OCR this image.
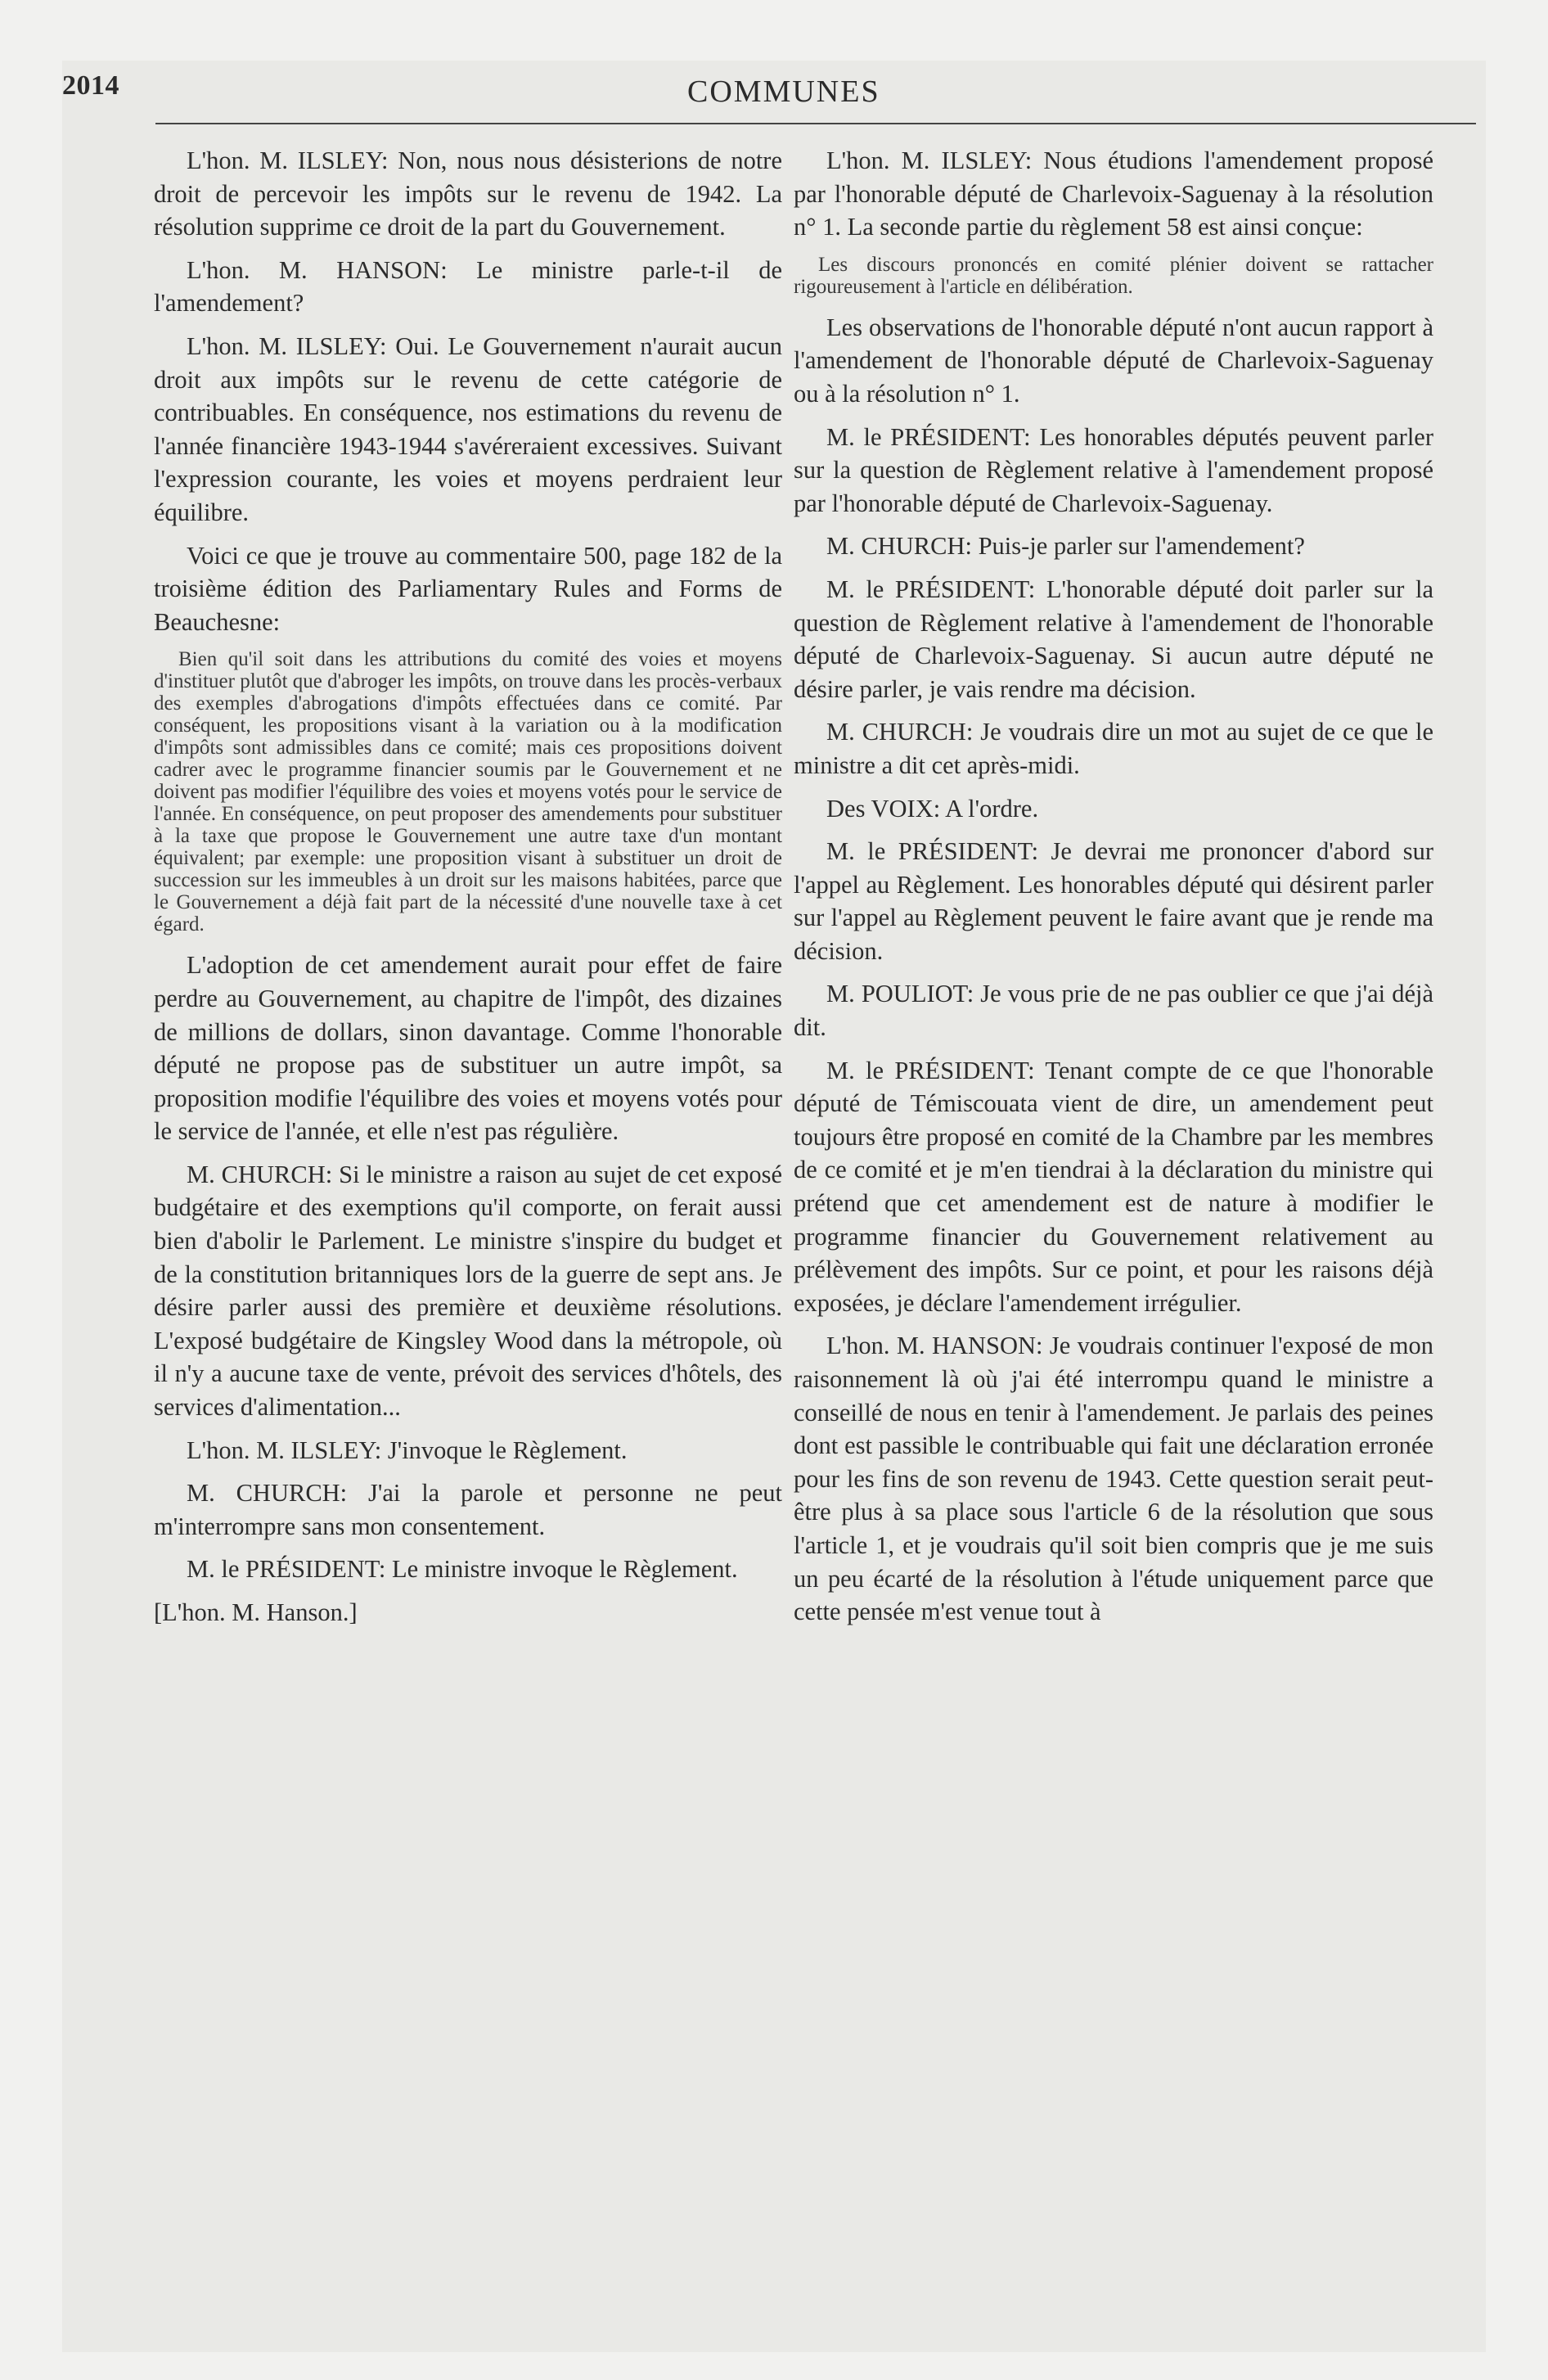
2014	COMMUNES

L'hon. M. ILSLEY: Non, nous nous désisterions de notre droit de percevoir les impôts sur le revenu de 1942. La résolution supprime ce droit de la part du Gouvernement.

L'hon. M. HANSON: Le ministre parle-t-il de l'amendement?

L'hon. M. ILSLEY: Oui. Le Gouvernement n'aurait aucun droit aux impôts sur le revenu de cette catégorie de contribuables. En conséquence, nos estimations du revenu de l'année financière 1943-1944 s'avéreraient excessives. Suivant l'expression courante, les voies et moyens perdraient leur équilibre.

Voici ce que je trouve au commentaire 500, page 182 de la troisième édition des Parliamentary Rules and Forms de Beauchesne:

Bien qu'il soit dans les attributions du comité des voies et moyens d'instituer plutôt que d'abroger les impôts, on trouve dans les procès-verbaux des exemples d'abrogations d'impôts effectuées dans ce comité. Par conséquent, les propositions visant à la variation ou à la modification d'impôts sont admissibles dans ce comité; mais ces propositions doivent cadrer avec le programme financier soumis par le Gouvernement et ne doivent pas modifier l'équilibre des voies et moyens votés pour le service de l'année. En conséquence, on peut proposer des amendements pour substituer à la taxe que propose le Gouvernement une autre taxe d'un montant équivalent; par exemple: une proposition visant à substituer un droit de succession sur les immeubles à un droit sur les maisons habitées, parce que le Gouvernement a déjà fait part de la nécessité d'une nouvelle taxe à cet égard.

L'adoption de cet amendement aurait pour effet de faire perdre au Gouvernement, au chapitre de l'impôt, des dizaines de millions de dollars, sinon davantage. Comme l'honorable député ne propose pas de substituer un autre impôt, sa proposition modifie l'équilibre des voies et moyens votés pour le service de l'année, et elle n'est pas régulière.

M. CHURCH: Si le ministre a raison au sujet de cet exposé budgétaire et des exemptions qu'il comporte, on ferait aussi bien d'abolir le Parlement. Le ministre s'inspire du budget et de la constitution britanniques lors de la guerre de sept ans. Je désire parler aussi des première et deuxième résolutions. L'exposé budgétaire de Kingsley Wood dans la métropole, où il n'y a aucune taxe de vente, prévoit des services d'hôtels, des services d'alimentation...

L'hon. M. ILSLEY: J'invoque le Règlement.

M. CHURCH: J'ai la parole et personne ne peut m'interrompre sans mon consentement.

M. le PRÉSIDENT: Le ministre invoque le Règlement.

[L'hon. M. Hanson.]

L'hon. M. ILSLEY: Nous étudions l'amendement proposé par l'honorable député de Charlevoix-Saguenay à la résolution n° 1. La seconde partie du règlement 58 est ainsi conçue:

Les discours prononcés en comité plénier doivent se rattacher rigoureusement à l'article en délibération.

Les observations de l'honorable député n'ont aucun rapport à l'amendement de l'honorable député de Charlevoix-Saguenay ou à la résolution n° 1.

M. le PRÉSIDENT: Les honorables députés peuvent parler sur la question de Règlement relative à l'amendement proposé par l'honorable député de Charlevoix-Saguenay.

M. CHURCH: Puis-je parler sur l'amendement?

M. le PRÉSIDENT: L'honorable député doit parler sur la question de Règlement relative à l'amendement de l'honorable député de Charlevoix-Saguenay. Si aucun autre député ne désire parler, je vais rendre ma décision.

M. CHURCH: Je voudrais dire un mot au sujet de ce que le ministre a dit cet après-midi.

Des VOIX: A l'ordre.

M. le PRÉSIDENT: Je devrai me prononcer d'abord sur l'appel au Règlement. Les honorables député qui désirent parler sur l'appel au Règlement peuvent le faire avant que je rende ma décision.

M. POULIOT: Je vous prie de ne pas oublier ce que j'ai déjà dit.

M. le PRÉSIDENT: Tenant compte de ce que l'honorable député de Témiscouata vient de dire, un amendement peut toujours être proposé en comité de la Chambre par les membres de ce comité et je m'en tiendrai à la déclaration du ministre qui prétend que cet amendement est de nature à modifier le programme financier du Gouvernement relativement au prélèvement des impôts. Sur ce point, et pour les raisons déjà exposées, je déclare l'amendement irrégulier.

L'hon. M. HANSON: Je voudrais continuer l'exposé de mon raisonnement là où j'ai été interrompu quand le ministre a conseillé de nous en tenir à l'amendement. Je parlais des peines dont est passible le contribuable qui fait une déclaration erronée pour les fins de son revenu de 1943. Cette question serait peut-être plus à sa place sous l'article 6 de la résolution que sous l'article 1, et je voudrais qu'il soit bien compris que je me suis un peu écarté de la résolution à l'étude uniquement parce que cette pensée m'est venue tout à
